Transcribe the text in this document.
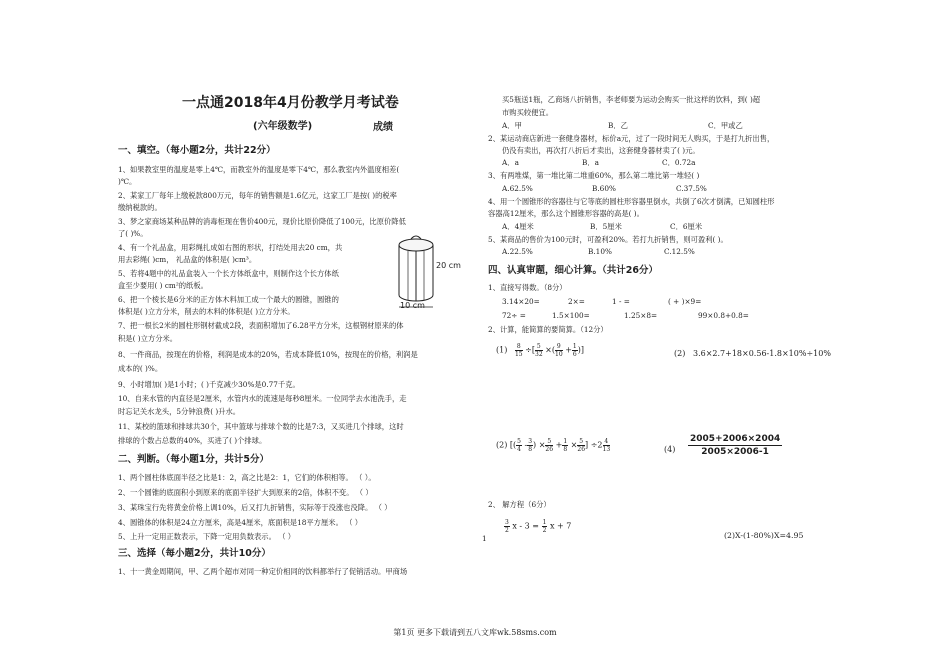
一点通2018年4月份教学月考试卷
(六年级数学)	成绩
一、填空。（每小题2分，共计22分）
1、如果教室里的温度是零上4℃，而教室外的温度是零下4℃，那么教室内外温度相差(
)℃。
2、某家工厂每年上缴税款800万元，每年的销售额是1.6亿元，这家工厂是按( )的税率
缴纳税款的。
3、梦之家商场某种品牌的消毒柜现在售价400元，现价比原价降低了100元，比原价降低
了( )%。
4、有一个礼品盒，用彩绳扎成如右图的形状，打结处用去20 cm，共
用去彩绳( )cm， 礼品盒的体积是( )cm³。
5、若将4题中的礼品盒装入一个长方体纸盒中，则制作这个长方体纸
盒至少要用( ) cm²的纸板。
6、把一个棱长是6分米的正方体木料加工成一个最大的圆锥，圆锥的
体积是( )立方分米，削去的木料的体积是( )立方分米。
7、把一根长2米的圆柱形钢材截成2段，表面积增加了6.28平方分米，这根钢材原来的体
积是( )立方分米。
8、一件商品，按现在的价格，利润是成本的20%，若成本降低10%，按现在的价格，利润是
成本的( )%。
9、小时增加( )是1小时；( )千克减少30%是0.77千克。
10、自来水管的内直径是2厘米，水管内水的流速是每秒8厘米。一位同学去水池洗手，走
时忘记关水龙头，5分钟浪费( )升水。
11、某校的篮球和排球共30个，其中篮球与排球个数的比是7:3，又买进几个排球，这时
排球的个数占总数的40%，买进了( )个排球。
20 cm
10 cm
二、判断。（每小题1分，共计5分）
1、两个圆柱体底面半径之比是1：2，高之比是2：1，它们的体积相等。 （ ）。
2、一个圆锥的底面积小到原来的底面半径扩大到原来的2倍，体积不变。 （ ）
3、某珠宝行先将黄金价格上调10%，后又打九折销售，实际等于没涨也没降。 （ ）
4、圆锥体的体积是24立方厘米，高是4厘米，底面积是18平方厘米。 （ ）
5、上升一定用正数表示，下降一定用负数表示。 （ ）
三、选择（每小题2分，共计10分）
1、十一黄金周期间，甲、乙两个超市对同一种定价相同的饮料都举行了促销活动。甲商场
买5瓶送1瓶，乙商场八折销售，李老师要为运动会购买一批这样的饮料，到( )超
市购买较便宜。
A．甲	B．乙	C．甲或乙
2、某运动商店新进一套健身器材，标价a元，过了一段时间无人购买，于是打九折出售，
仍没有卖出，再次打八折后才卖出，这套健身器材卖了( )元。
A．a	B．a	C．0.72a
3、有两堆煤，第一堆比第二堆重60%，那么第二堆比第一堆轻( )
A.62.5%	B.60%	C.37.5%
4、用一个圆锥形的容器往与它等底的圆柱形容器里倒水，共倒了6次才倒满，已知圆柱形
容器高12厘米，那么这个圆锥形容器的高是( )。
A．4厘米	B．5厘米	C．6厘米
5、某商品的售价为100元时，可盈利20%。若打九折销售，则可盈利( )。
A.22.5%	B.10%	C.12.5%
四、认真审题，细心计算。（共计26分）
1、直接写得数。（8分）
3.14×20=	2×=	1 - =	( + )×9=
72÷ =	1.5×100=	1.25×8=	99×0.8+0.8=
2、计算，能简算的要简算。（12分）
$(1) \frac{8}{15}$ ÷[ $\frac{5}{32}$ ×( $\frac{9}{10} + \frac{1}{6}$ )]	(2) 3.6×2.7+18×0.56-1.8×10%÷10%
(2) [( $\frac{5}{4} - \frac{3}{8}$ ) × $\frac{5}{26} + \frac{1}{8} \times \frac{5}{26}$ ] $\div 2 \frac{4}{13}$	$(4) \frac{2005+2006\times 2004}{2005\times 2006-1}$
2、 解方程（6分）
1
$\frac{3}{2}$ $x - 3 = \frac{1}{2}$ x + 7
(2)X-(1-80%)X=4.95
第1页 更多下载请到五八文库wk.58sms.com
